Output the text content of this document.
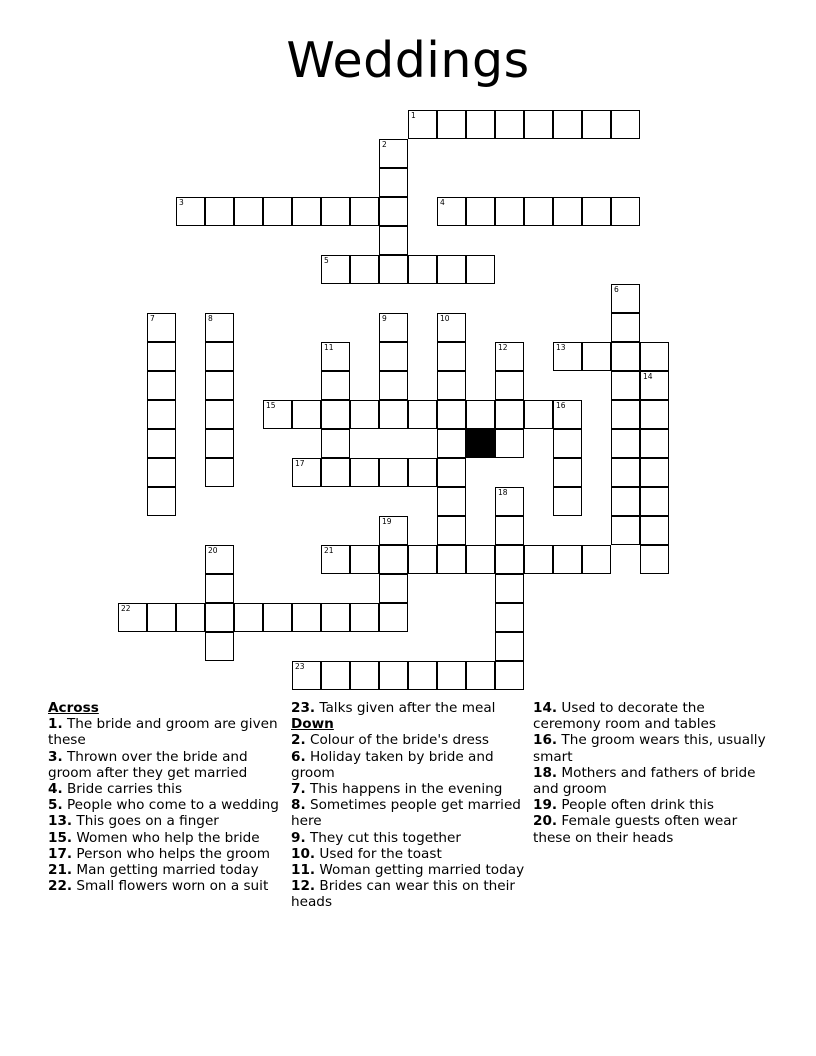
Weddings
1
2
3	4
5
6
7	8	9	10
11	12	13
14
15	16
17
18
19
20	21
22
23
Across
1. The bride and groom are given these
3. Thrown over the bride and groom after they get married
4. Bride carries this
5. People who come to a wedding
13. This goes on a finger
15. Women who help the bride
17. Person who helps the groom
21. Man getting married today
22. Small flowers worn on a suit
23. Talks given after the meal
Down
2. Colour of the bride's dress
6. Holiday taken by bride and groom
7. This happens in the evening
8. Sometimes people get married here
9. They cut this together
10. Used for the toast
11. Woman getting married today
12. Brides can wear this on their heads
14. Used to decorate the ceremony room and tables
16. The groom wears this, usually smart
18. Mothers and fathers of bride and groom
19. People often drink this
20. Female guests often wear these on their heads
